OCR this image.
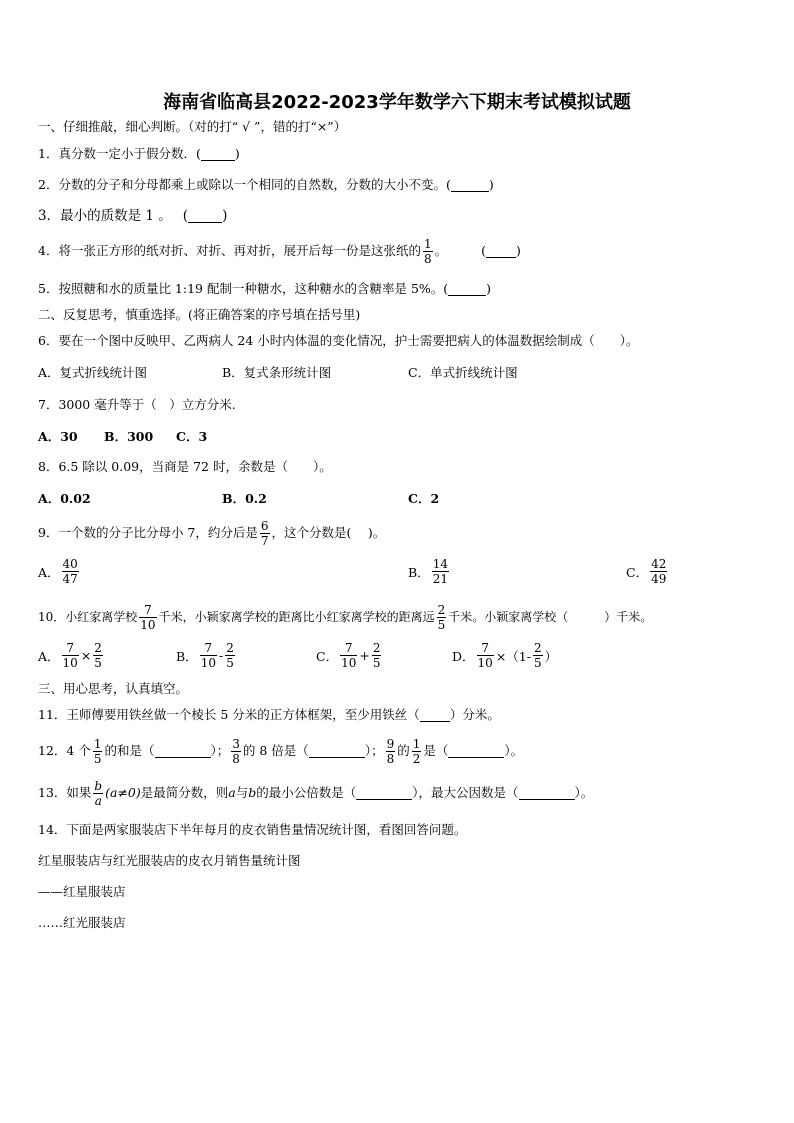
海南省临高县2022-2023学年数学六下期末考试模拟试题
一、仔细推敲，细心判断。（对的打“ √ ”，错的打“×”）
1． 真分数一定小于假分数．(	)
2． 分数的分子和分母都乘上或除以一个相同的自然数，分数的大小不变。(	)
3． 最小的质数是 1 。　 (	)
4． 将一张正方形的纸对折、对折、再对折，展开后每一份是这张纸的 $\frac{1}{8}$ 。	( )
5． 按照糖和水的质量比 1:19 配制一种糖水，这种糖水的含糖率是 5%。(	)
二、反复思考，慎重选择。(将正确答案的序号填在括号里)
6． 要在一个图中反映甲、乙两病人 24 小时内体温的变化情况，护士需要把病人的体温数据绘制成（　　）。
A．复式折线统计图	B．复式条形统计图	C．单式折线统计图
7． 3000 毫升等于（　）立方分米.
A．30 B．300 C．3
8． 6.5 除以 0.09，当商是 72 时，余数是（　　）。
A．0.02	B．0.2	C．2
9． 一个数的分子比分母小 7，约分后是 $\frac{6}{7}$ ，这个分数是(　 )。
A． $\frac{40}{47}$	B． $\frac{14}{21}$	C． $\frac{42}{49}$
10． 小红家离学校 $\frac{7}{10}$ 千米，小颖家离学校的距离比小红家离学校的距离远 $\frac{2}{5}$ 千米。小颖家离学校（　　　）千米。
A． $\frac{7}{10} \times \frac{2}{5}$	B． $\frac{7}{10} - \frac{2}{5}$	C． $\frac{7}{10} + \frac{2}{5}$	D． $\frac{7}{10} \times(1- \frac{2}{5}$ ）
三、用心思考，认真填空。
11． 王师傅要用铁丝做一个棱长 5 分米的正方体框架，至少用铁丝（ ）分米。
12． 4 个 $\frac{1}{5}$ 的和是（	）； $\frac{3}{8}$ 的 8 倍是（	）； $\frac{9}{8}$ 的 $\frac{1}{2}$ 是（	）。
13． 如果 $\frac{b}{a} (a\ne 0)$ 是最简分数，则 a 与 b 的最小公倍数是（	），最大公因数是（	）。
14． 下面是两家服装店下半年每月的皮衣销售量情况统计图，看图回答问题。
红星服装店与红光服装店的皮衣月销售量统计图
——红星服装店
……红光服装店
